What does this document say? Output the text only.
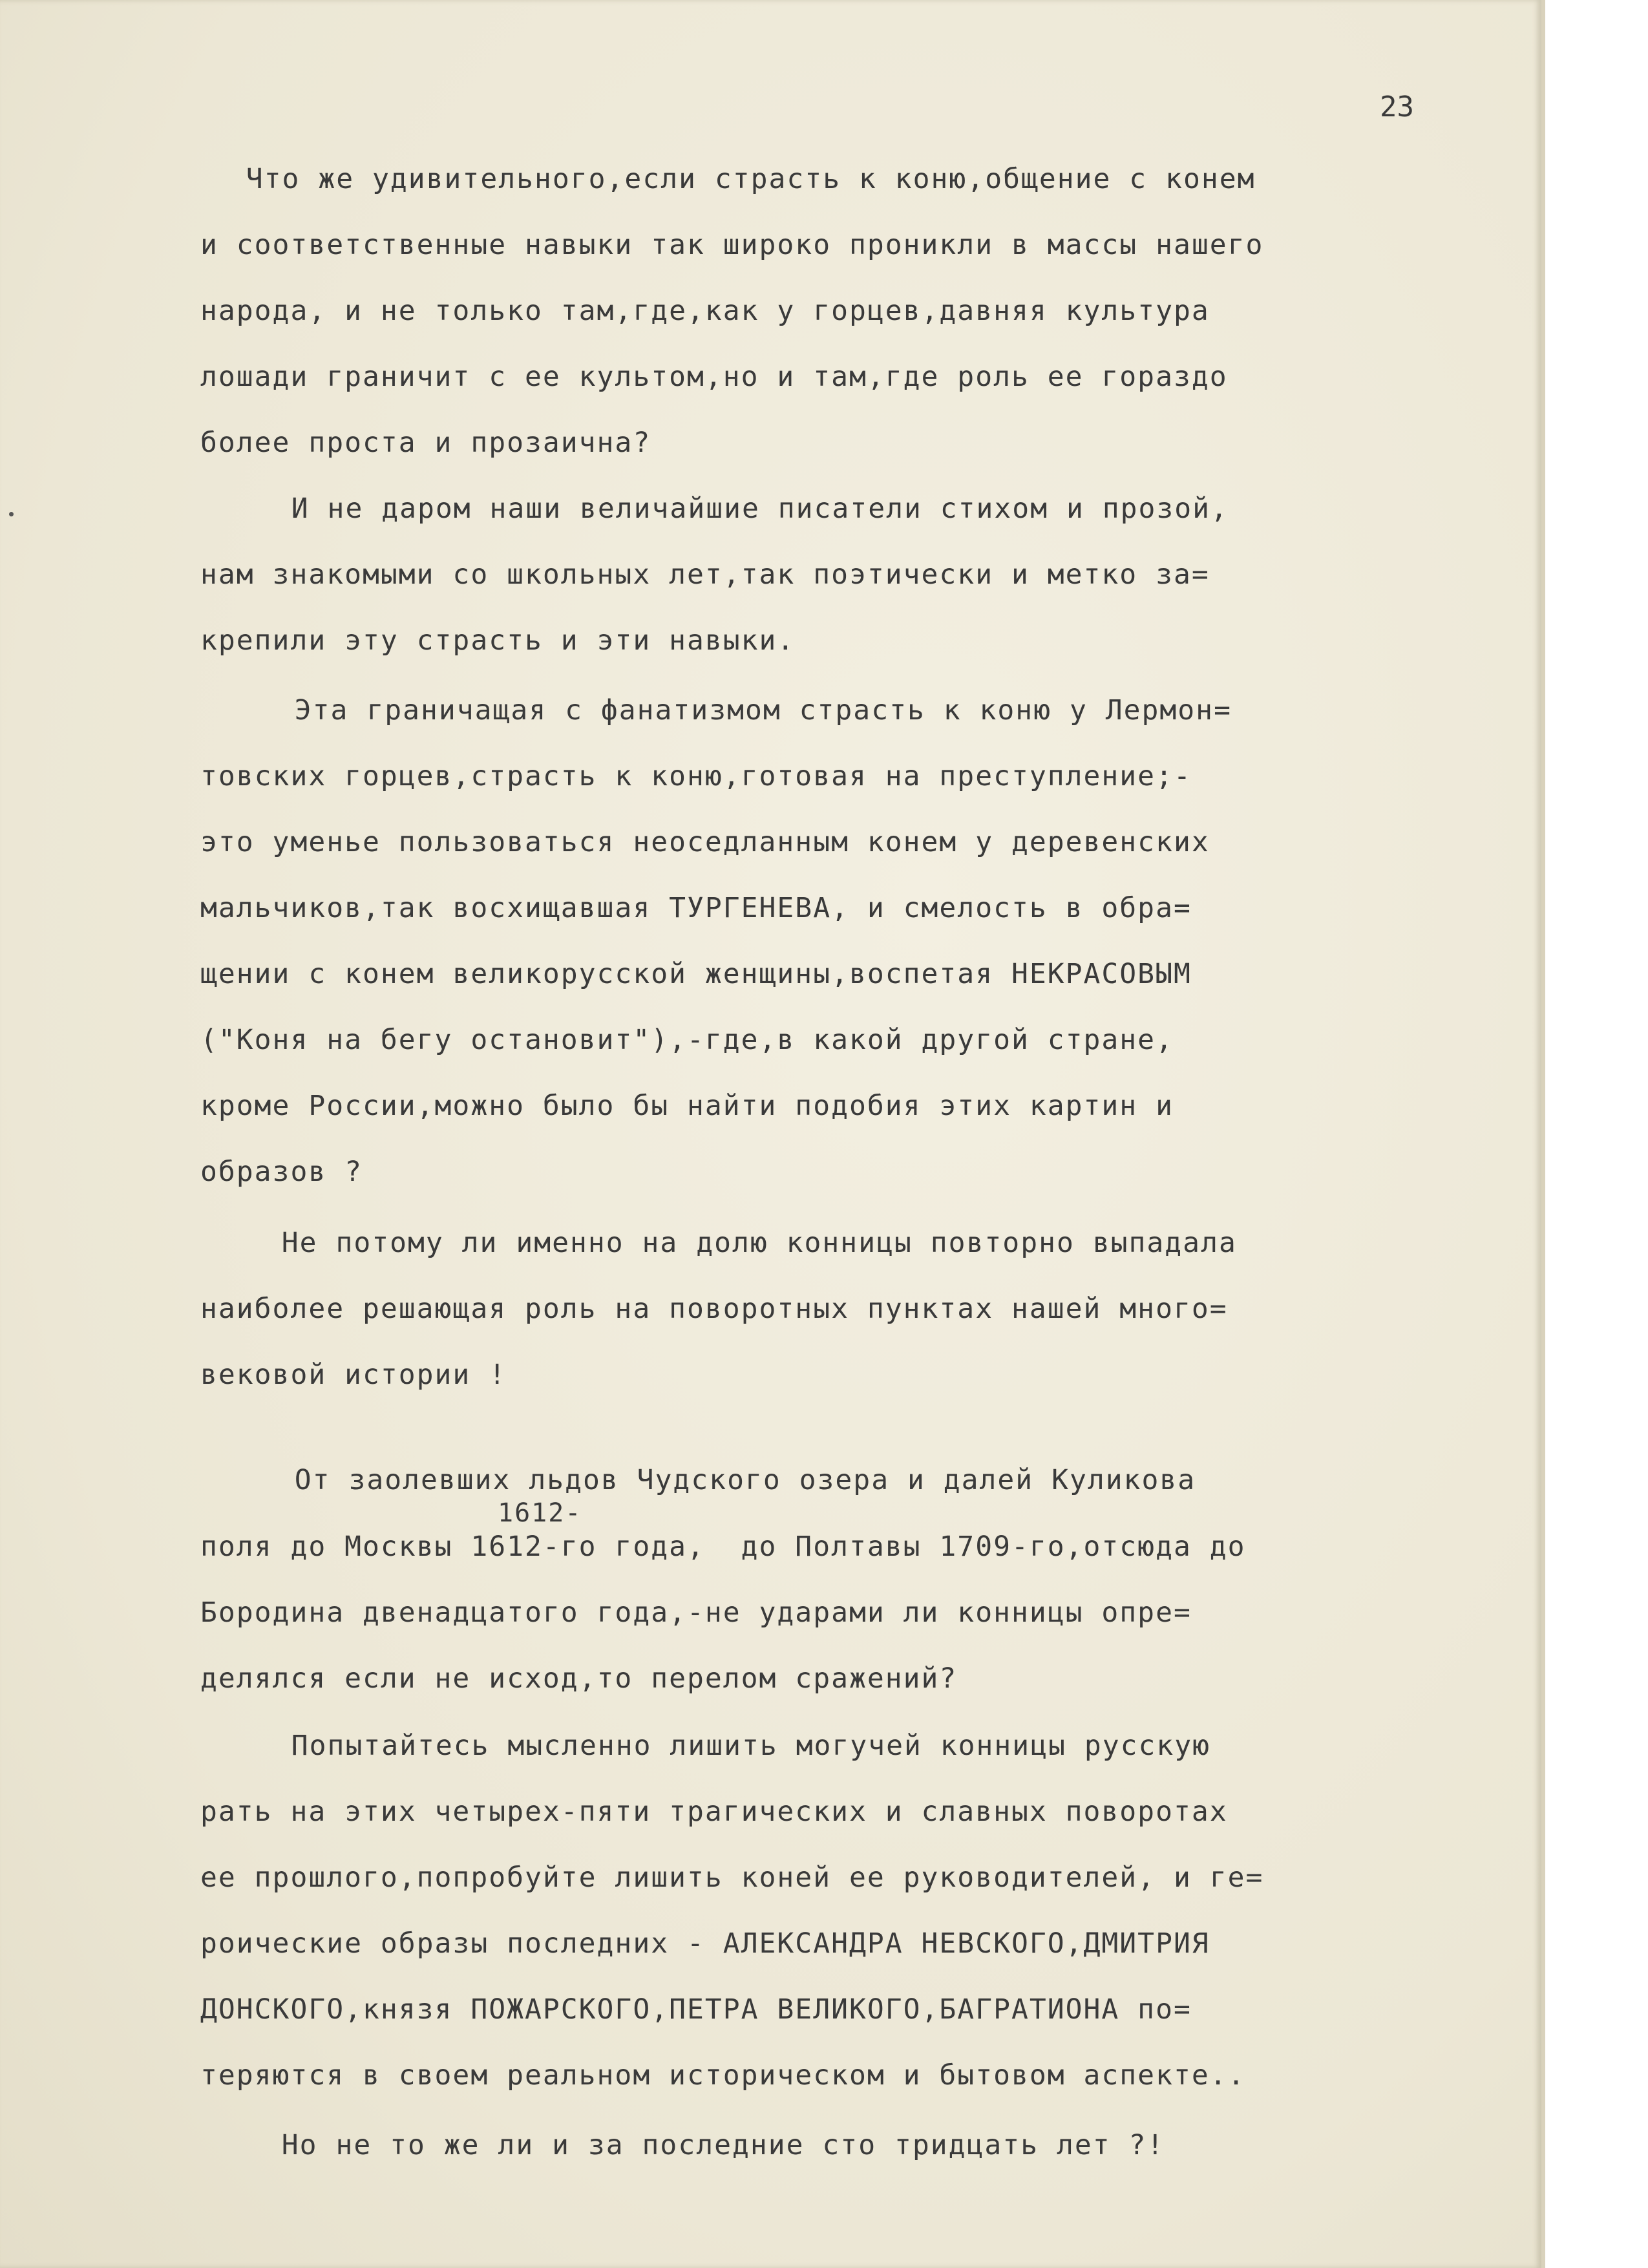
23
Что же удивительного,если страсть к коню,общение с конем
и соответственные навыки так широко проникли в массы нашего
народа, и не только там,где,как у горцев,давняя культура
лошади граничит с ее культом,но и там,где роль ее гораздо
более проста и прозаична?
И не даром наши величайшие писатели стихом и прозой,
нам знакомыми со школьных лет,так поэтически и метко за=
крепили эту страсть и эти навыки.
Эта граничащая с фанатизмом страсть к коню у Лермон=
товских горцев,страсть к коню,готовая на преступление;-
это уменье пользоваться неоседланным конем у деревенских
мальчиков,так восхищавшая ТУРГЕНЕВА, и смелость в обра=
щении с конем великорусской женщины,воспетая НЕКРАСОВЫМ
("Коня на бегу остановит"),-где,в какой другой стране,
кроме России,можно было бы найти подобия этих картин и
образов ?
Не потому ли именно на долю конницы повторно выпадала
наиболее решающая роль на поворотных пунктах нашей много=
вековой истории !
От заолевших льдов Чудского озера и далей Куликова
1612-
поля до Москвы 1612-го года,  до Полтавы 1709-го,отсюда до
Бородина двенадцатого года,-не ударами ли конницы опре=
делялся если не исход,то перелом сражений?
Попытайтесь мысленно лишить могучей конницы русскую
рать на этих четырех-пяти трагических и славных поворотах
ее прошлого,попробуйте лишить коней ее руководителей, и ге=
роические образы последних - АЛЕКСАНДРА НЕВСКОГО,ДМИТРИЯ
ДОНСКОГО,князя ПОЖАРСКОГО,ПЕТРА ВЕЛИКОГО,БАГРАТИОНА по=
теряются в своем реальном историческом и бытовом аспекте..
Но не то же ли и за последние сто тридцать лет ?!
